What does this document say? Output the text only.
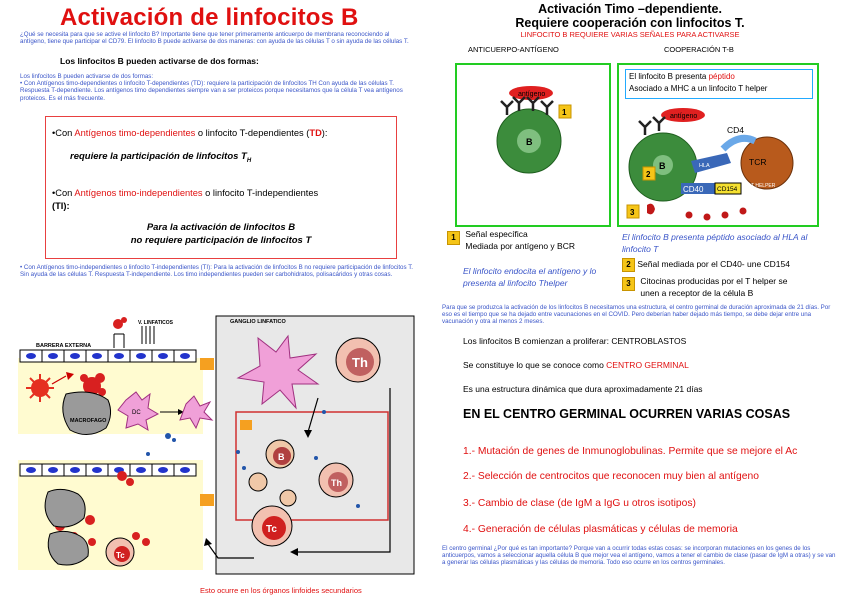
Activación de linfocitos B
¿Qué se necesita para que se active el linfocito B? Importante tiene que tener primeramente anticuerpo de membrana reconociendo al antígeno, tiene que participar el CD79. El linfocito B puede activarse de dos maneras: con ayuda de las células T o sin ayuda de las células T.
Los linfocitos B pueden activarse de dos formas:
Los linfocitos B pueden activarse de dos formas:
• Con Antígenos timo-dependientes o linfocito T-dependientes (TD): requiere la participación de linfocitos TH Con ayuda de las células T. Respuesta T-dependiente. Los antígenos timo dependientes siempre van a ser proteicos porque necesitamos que la célula T vea antígenos proteicos. Es el más frecuente.
•Con Antígenos timo-dependientes o linfocito T-dependientes (TD):
requiere la participación de linfocitos $T_H$
•Con Antígenos timo-independientes o linfocito T-independientes
(TI):
Para la activación de linfocitos B
no requiere participación de linfocitos T
• Con Antígenos timo-independientes o linfocito T-independientes (TI): Para la activación de linfocitos B no requiere participación de linfocitos T. Sin ayuda de las células T. Respuesta T-independiente. Los timo independientes pueden ser carbohidratos, polisacáridos y otras cosas.
BARRERA EXTERNA
V. LINFATICOS	GANGLIO LINFATICO
MACROFAGO
DC
Th
B
Th
Tc
Tc
Esto ocurre en los órganos linfoides secundarios
Activación Timo –dependiente.
Requiere cooperación con linfocitos T.
LINFOCITO B REQUIERE VARIAS SEÑALES PARA ACTIVARSE
ANTICUERPO-ANTÍGENO	COOPERACIÓN T-B
antígeno
B
1
El linfocito B presenta péptido
Asociado a MHC a un linfocito T helper
antígeno
B
T HELPER
TCR
CD4
HLA
CD40 CD154
2
3
1 Señal específica
Mediada por antígeno y BCR
El linfocito B presenta péptido asociado al HLA al linfocito T
El linfocito endocita el antígeno y lo presenta al linfocito Thelper
2 Señal mediada por el CD40- une CD154
3 Citocinas producidas por el T helper se
unen a receptor de la célula B
Para que se produzca la activación de los linfocitos B necesitamos una estructura, el centro germinal de duración aproximada de 21 días. Por eso es el tiempo que se ha dejado entre vacunaciones en el COVID. Pero deberían haber dejado más tiempo, se debe dejar entre una vacunación y otra al menos 2 meses.
Los linfocitos B comienzan a proliferar: CENTROBLASTOS
Se constituye lo que se conoce como CENTRO GERMINAL
Es una estructura dinámica que dura aproximadamente 21 días
EN EL CENTRO GERMINAL OCURREN VARIAS COSAS
1.- Mutación de genes de Inmunoglobulinas. Permite que se mejore el Ac
2.- Selección de centrocitos que reconocen muy bien al antígeno
3.- Cambio de clase (de IgM a IgG u otros isotipos)
4.- Generación de células plasmáticas y células de memoria
El centro germinal ¿Por qué es tan importante? Porque van a ocurrir todas estas cosas: se incorporan mutaciones en los genes de los anticuerpos, vamos a seleccionar aquella célula B que mejor vea el antígeno, vamos a tener el cambio de clase (pasar de IgM a otras) y se van a generar las células plasmáticas y las células de memoria. Todo eso ocurre en los centros germinales.
